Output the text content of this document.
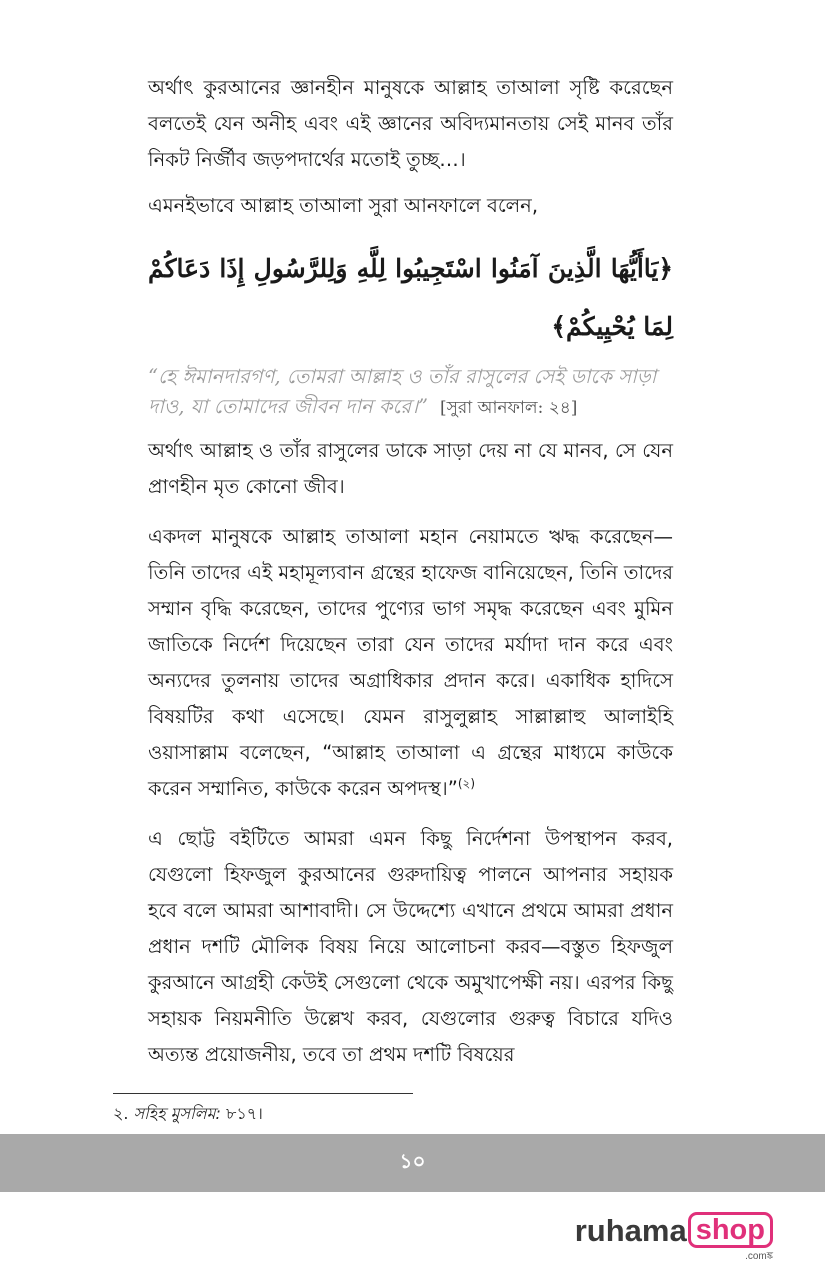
অর্থাৎ কুরআনের জ্ঞানহীন মানুষকে আল্লাহ তাআলা সৃষ্টি করেছেন বলতেই যেন অনীহ এবং এই জ্ঞানের অবিদ্যমানতায় সেই মানব তাঁর নিকট নির্জীব জড়পদার্থের মতোই তুচ্ছ…।

এমনইভাবে আল্লাহ তাআলা সুরা আনফালে বলেন,

﴿يَاأَيُّهَا الَّذِينَ آمَنُوا اسْتَجِيبُوا لِلَّهِ وَلِلرَّسُولِ إِذَا دَعَاكُمْ لِمَا يُحْيِيكُمْ﴾

“হে ঈমানদারগণ, তোমরা আল্লাহ ও তাঁর রাসুলের সেই ডাকে সাড়া দাও, যা তোমাদের জীবন দান করে।” [সুরা আনফাল: ২৪]

অর্থাৎ আল্লাহ ও তাঁর রাসুলের ডাকে সাড়া দেয় না যে মানব, সে যেন প্রাণহীন মৃত কোনো জীব।

একদল মানুষকে আল্লাহ তাআলা মহান নেয়ামতে ঋদ্ধ করেছেন—তিনি তাদের এই মহামূল্যবান গ্রন্থের হাফেজ বানিয়েছেন, তিনি তাদের সম্মান বৃদ্ধি করেছেন, তাদের পুণ্যের ভাগ সমৃদ্ধ করেছেন এবং মুমিন জাতিকে নির্দেশ দিয়েছেন তারা যেন তাদের মর্যাদা দান করে এবং অন্যদের তুলনায় তাদের অগ্রাধিকার প্রদান করে। একাধিক হাদিসে বিষয়টির কথা এসেছে। যেমন রাসুলুল্লাহ সাল্লাল্লাহু আলাইহি ওয়াসাল্লাম বলেছেন, “আল্লাহ তাআলা এ গ্রন্থের মাধ্যমে কাউকে করেন সম্মানিত, কাউকে করেন অপদস্থ।”$^{(২)}$

এ ছোট্ট বইটিতে আমরা এমন কিছু নির্দেশনা উপস্থাপন করব, যেগুলো হিফজুল কুরআনের গুরুদায়িত্ব পালনে আপনার সহায়ক হবে বলে আমরা আশাবাদী। সে উদ্দেশ্যে এখানে প্রথমে আমরা প্রধান প্রধান দশটি মৌলিক বিষয় নিয়ে আলোচনা করব—বস্তুত হিফজুল কুরআনে আগ্রহী কেউই সেগুলো থেকে অমুখাপেক্ষী নয়। এরপর কিছু সহায়ক নিয়মনীতি উল্লেখ করব, যেগুলোর গুরুত্ব বিচারে যদিও অত্যন্ত প্রয়োজনীয়, তবে তা প্রথম দশটি বিষয়ের

২. সহিহ মুসলিম: ৮১৭।
১০
ruhama shop
.comঙ্ক
